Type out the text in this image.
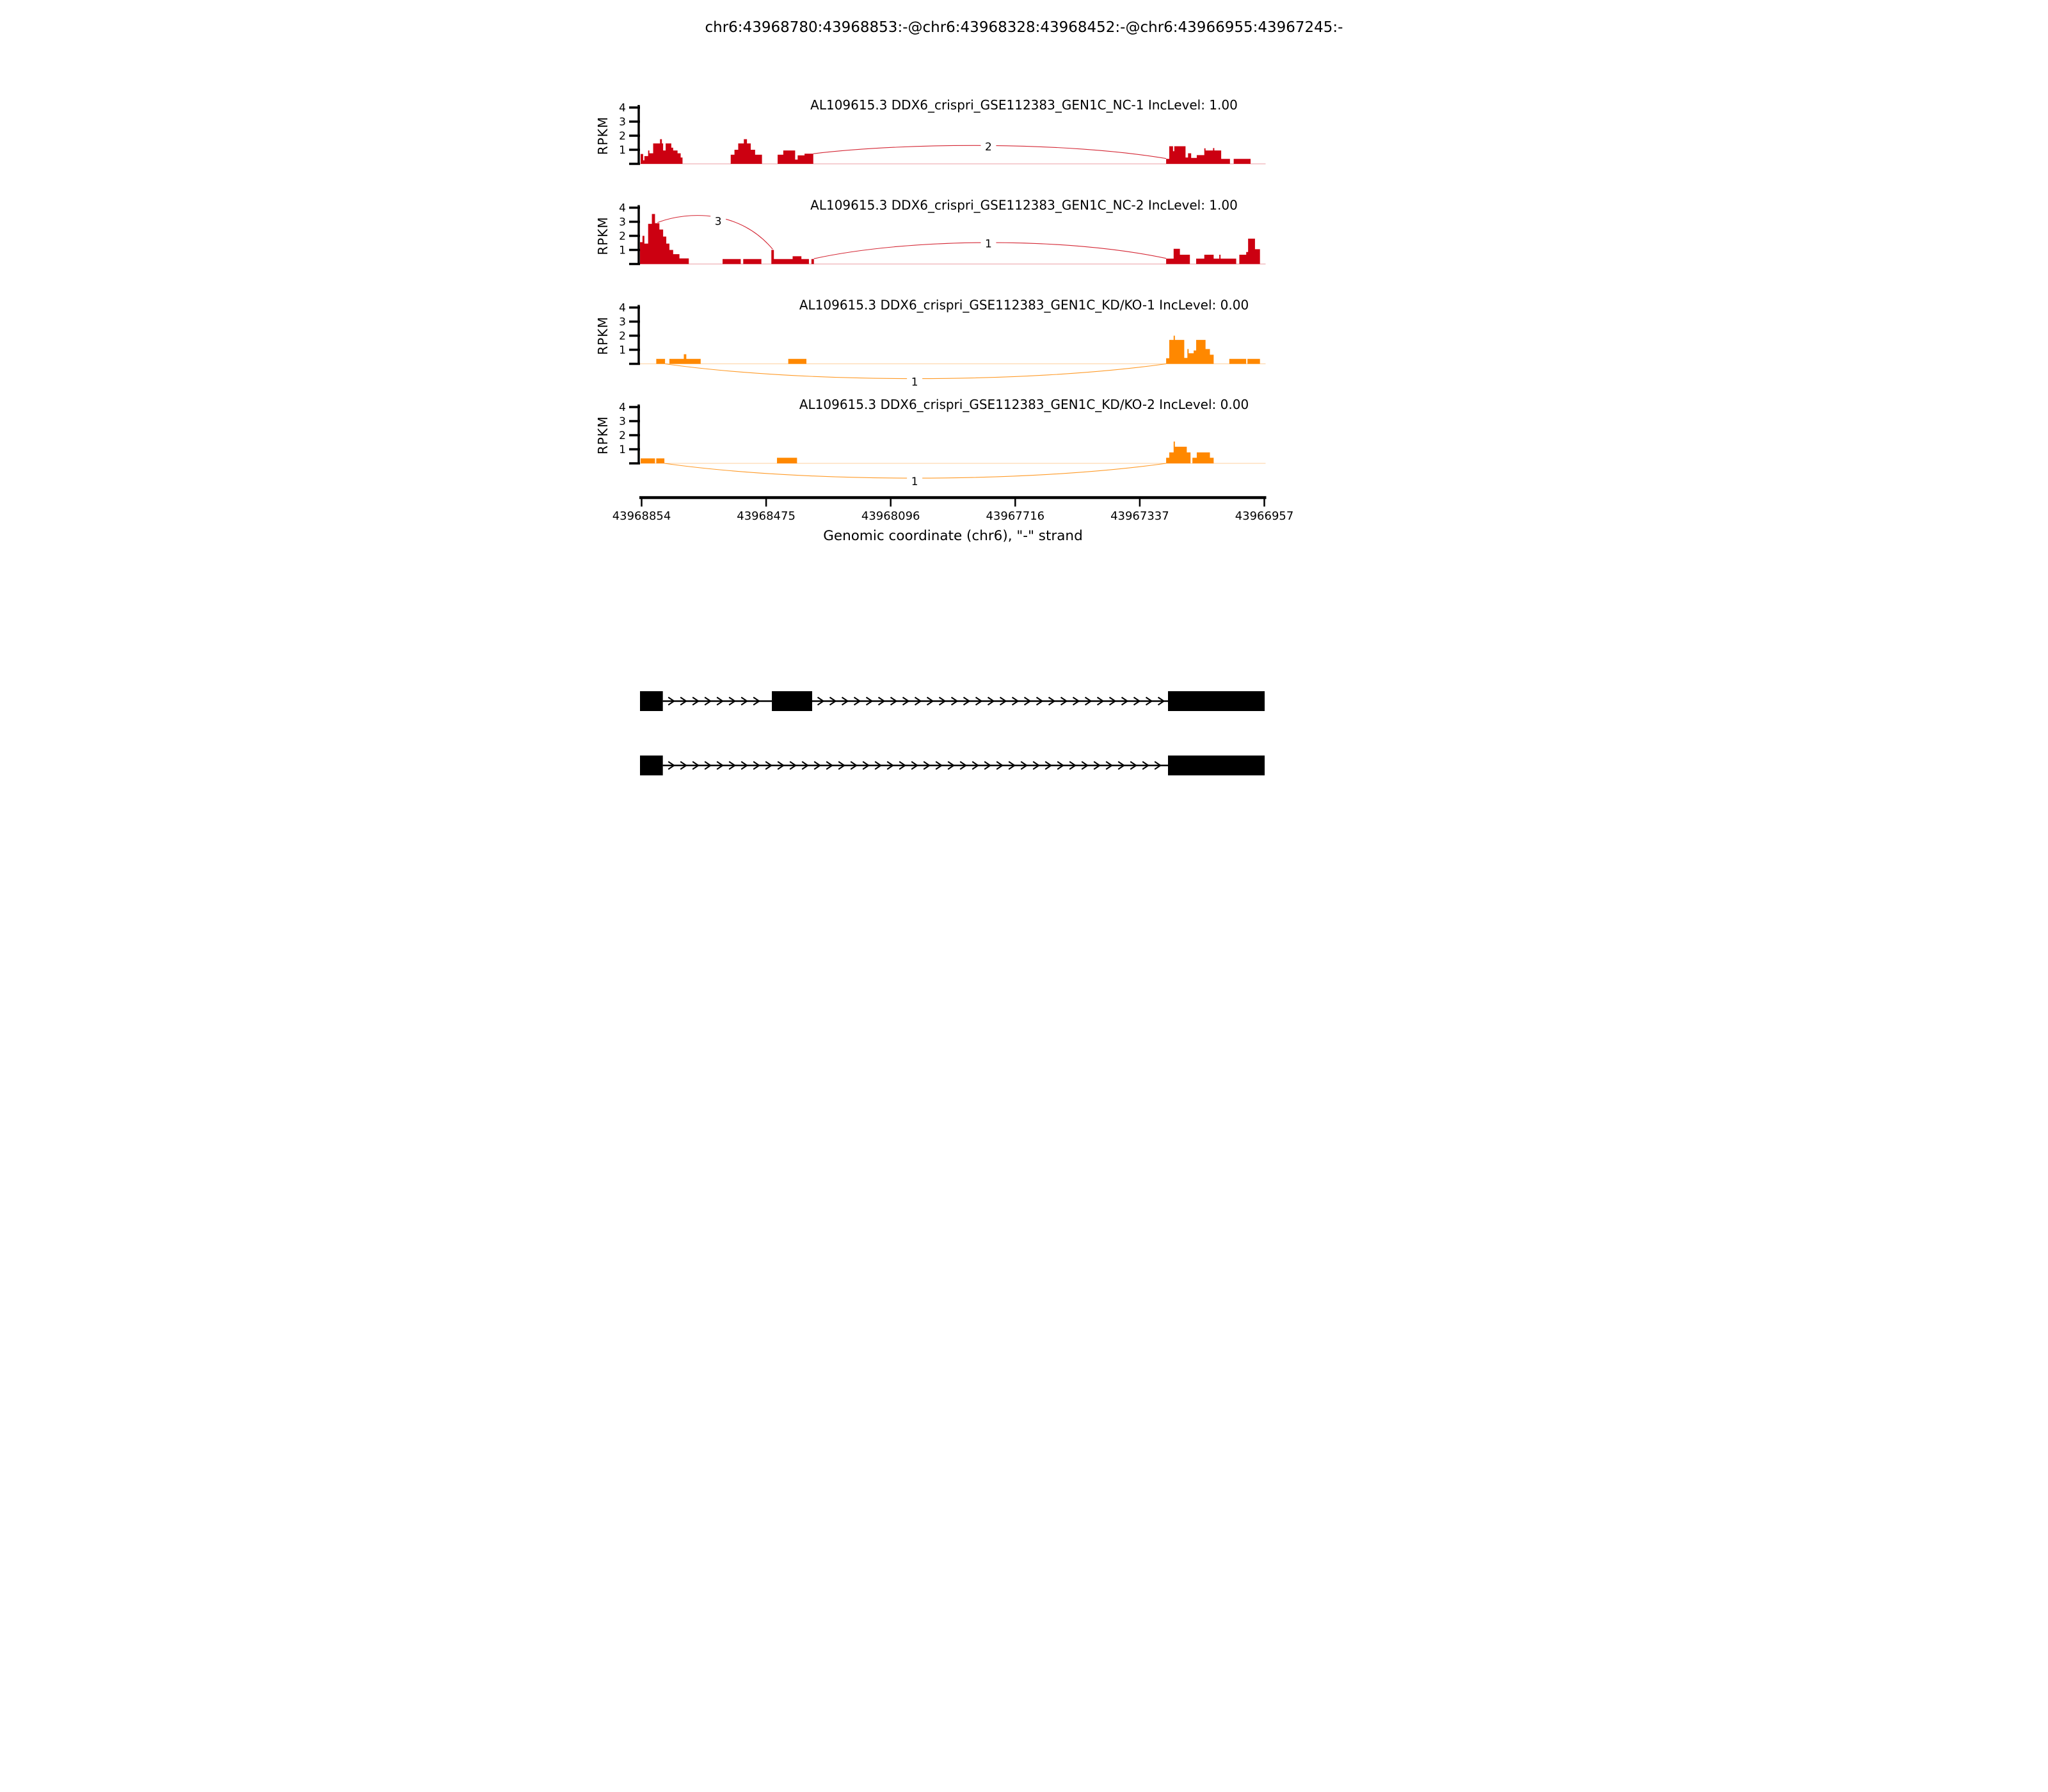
chr6:43968780:43968853:-@chr6:43968328:43968452:-@chr6:43966955:43967245:-
2
1
2
3
4
RPKM
AL109615.3 DDX6_crispri_GSE112383_GEN1C_NC-1 IncLevel: 1.00
3
1
1
2
3
4
RPKM
AL109615.3 DDX6_crispri_GSE112383_GEN1C_NC-2 IncLevel: 1.00
1
1
2
3
4
RPKM
AL109615.3 DDX6_crispri_GSE112383_GEN1C_KD/KO-1 IncLevel: 0.00
1
1
2
3
4
RPKM
AL109615.3 DDX6_crispri_GSE112383_GEN1C_KD/KO-2 IncLevel: 0.00
43968854	43968475	43968096	43967716	43967337	43966957
Genomic coordinate (chr6), "-" strand
